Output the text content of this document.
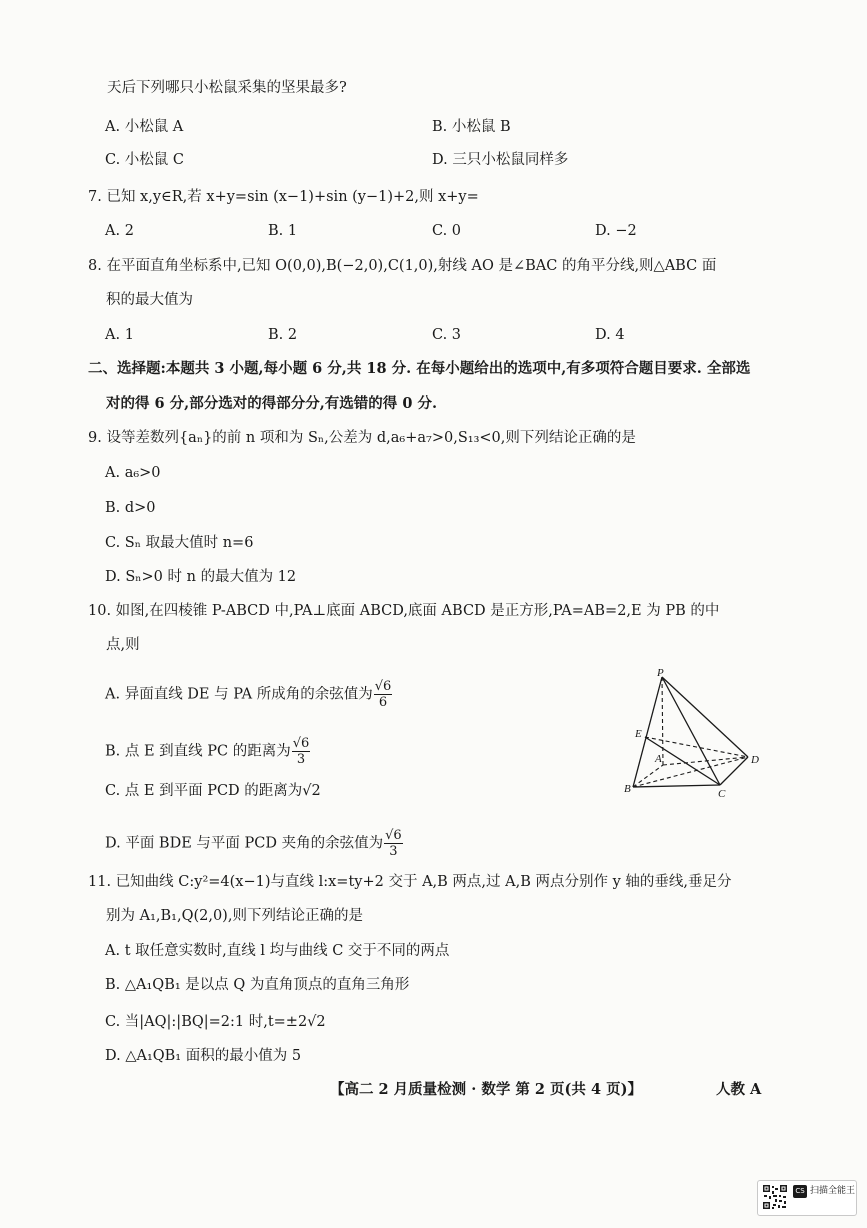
天后下列哪只小松鼠采集的坚果最多?
A. 小松鼠 A	B. 小松鼠 B
C. 小松鼠 C	D. 三只小松鼠同样多
7. 已知 x,y∈R,若 x+y=sin (x−1)+sin (y−1)+2,则 x+y=
A. 2	B. 1	C. 0	D. −2
8. 在平面直角坐标系中,已知 O(0,0),B(−2,0),C(1,0),射线 AO 是∠BAC 的角平分线,则△ABC 面
积的最大值为
A. 1	B. 2	C. 3	D. 4
二、选择题:本题共 3 小题,每小题 6 分,共 18 分. 在每小题给出的选项中,有多项符合题目要求. 全部选
对的得 6 分,部分选对的得部分分,有选错的得 0 分.
9. 设等差数列{aₙ}的前 n 项和为 Sₙ,公差为 d,a₆+a₇>0,S₁₃<0,则下列结论正确的是
A. a₆>0
B. d>0
C. Sₙ 取最大值时 n=6
D. Sₙ>0 时 n 的最大值为 12
10. 如图,在四棱锥 P-ABCD 中,PA⊥底面 ABCD,底面 ABCD 是正方形,PA=AB=2,E 为 PB 的中
点,则
A. 异面直线 DE 与 PA 所成角的余弦值为 $\frac{√6}{6}$
B. 点 E 到直线 PC 的距离为 $\frac{√6}{3}$
C. 点 E 到平面 PCD 的距离为√2
D. 平面 BDE 与平面 PCD 夹角的余弦值为 $\frac{√6}{3}$
P
E
A	D
B	C
11. 已知曲线 C:y²=4(x−1)与直线 l:x=ty+2 交于 A,B 两点,过 A,B 两点分别作 y 轴的垂线,垂足分
别为 A₁,B₁,Q(2,0),则下列结论正确的是
A. t 取任意实数时,直线 l 均与曲线 C 交于不同的两点
B. △A₁QB₁ 是以点 Q 为直角顶点的直角三角形
C. 当|AQ|:|BQ|=2:1 时,t=±2√2
D. △A₁QB₁ 面积的最小值为 5
【高二 2 月质量检测 · 数学 第 2 页(共 4 页)】	人教 A
CS 扫描全能王
